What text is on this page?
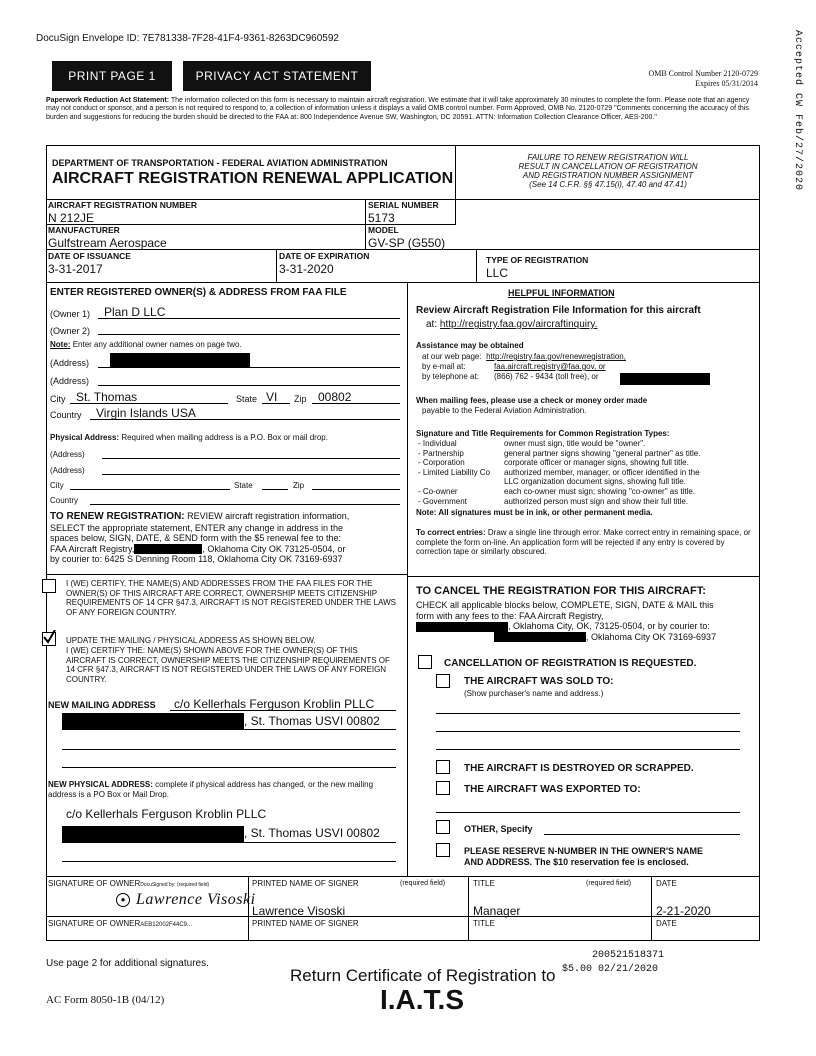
DocuSign Envelope ID: 7E781338-7F28-41F4-9361-8263DC960592	Accepted CW Feb/27/2020
PRINT PAGE 1	PRIVACY ACT STATEMENT	OMB Control Number 2120-0729
Expires 05/31/2014
Paperwork Reduction Act Statement: The information collected on this form is necessary to maintain aircraft registration. We estimate that it will take approximately 30 minutes to complete the form. Please note that an agency may not conduct or sponsor, and a person is not required to respond to, a collection of information unless it displays a valid OMB control number. Form Approved, OMB No. 2120-0729 "Comments concerning the accuracy of this burden and suggestions for reducing the burden should be directed to the FAA at: 800 Independence Avenue SW, Washington, DC 20591. ATTN: Information Collection Clearance Officer, AES-200."
DEPARTMENT OF TRANSPORTATION - FEDERAL AVIATION ADMINISTRATION
AIRCRAFT REGISTRATION RENEWAL APPLICATION
FAILURE TO RENEW REGISTRATION WILL
RESULT IN CANCELLATION OF REGISTRATION
AND REGISTRATION NUMBER ASSIGNMENT
(See 14 C.F.R. §§ 47.15(i), 47.40 and 47.41)
AIRCRAFT REGISTRATION NUMBER
N 212JE
SERIAL NUMBER
5173
MANUFACTURER
Gulfstream Aerospace
MODEL
GV-SP (G550)
DATE OF ISSUANCE
3-31-2017
DATE OF EXPIRATION
3-31-2020
TYPE OF REGISTRATION
LLC
ENTER REGISTERED OWNER(S) & ADDRESS FROM FAA FILE
(Owner 1) Plan D LLC
(Owner 2)
Note: Enter any additional owner names on page two.
(Address)
(Address)
City St. Thomas	State VI Zip 00802
Country Virgin Islands USA
Physical Address: Required when mailing address is a P.O. Box or mail drop.
(Address)
(Address)
City	State	Zip
Country
TO RENEW REGISTRATION: REVIEW aircraft registration information,
SELECT the appropriate statement, ENTER any change in address in the
spaces below, SIGN, DATE, & SEND form with the $5 renewal fee to the:
FAA Aircraft Registry,	, Oklahoma City OK 73125-0504, or
by courier to: 6425 S Denning Room 118, Oklahoma City OK 73169-6937
I (WE) CERTIFY, THE NAME(S) AND ADDRESSES FROM THE FAA FILES FOR THE OWNER(S) OF THIS AIRCRAFT ARE CORRECT, OWNERSHIP MEETS CITIZENSHIP REQUIREMENTS OF 14 CFR §47.3, AIRCRAFT IS NOT REGISTERED UNDER THE LAWS OF ANY FOREIGN COUNTRY.
UPDATE THE MAILING / PHYSICAL ADDRESS AS SHOWN BELOW.
I (WE) CERTIFY THE: NAME(S) SHOWN ABOVE FOR THE OWNER(S) OF THIS AIRCRAFT IS CORRECT, OWNERSHIP MEETS THE CITIZENSHIP REQUIREMENTS OF 14 CFR §47.3, AIRCRAFT IS NOT REGISTERED UNDER THE LAWS OF ANY FOREIGN COUNTRY.
NEW MAILING ADDRESS c/o Kellerhals Ferguson Kroblin PLLC
, St. Thomas USVI 00802
NEW PHYSICAL ADDRESS: complete if physical address has changed, or the new mailing address is a PO Box or Mail Drop.
c/o Kellerhals Ferguson Kroblin PLLC
, St. Thomas USVI 00802
HELPFUL INFORMATION
Review Aircraft Registration File Information for this aircraft
at: http://registry.faa.gov/aircraftinquiry.
Assistance may be obtained
at our web page: http://registry.faa.gov/renewregistration,
by e-mail at:	faa.aircraft.registry@faa.gov, or
by telephone at: (866) 762 - 9434 (toll free), or
When mailing fees, please use a check or money order made
payable to the Federal Aviation Administration.
Signature and Title Requirements for Common Registration Types:
- Individual	owner must sign, title would be "owner".
- Partnership	general partner signs showing "general partner" as title.
- Corporation	corporate officer or manager signs, showing full title.
- Limited Liability Co authorized member, manager, or officer identified in the
LLC organization document signs, showing full title.
- Co-owner	each co-owner must sign; showing "co-owner" as title.
- Government	authorized person must sign and show their full title.
Note: All signatures must be in ink, or other permanent media.
To correct entries: Draw a single line through error. Make correct entry in remaining space, or complete the form on-line. An application form will be rejected if any entry is covered by correction tape or similarly obscured.
TO CANCEL THE REGISTRATION FOR THIS AIRCRAFT:
CHECK all applicable blocks below, COMPLETE, SIGN, DATE & MAIL this
form with any fees to the: FAA Aircraft Registry,
, Oklahoma City, OK, 73125-0504, or by courier to:
, Oklahoma City OK 73169-6937
CANCELLATION OF REGISTRATION IS REQUESTED.
THE AIRCRAFT WAS SOLD TO:
(Show purchaser's name and address.)
THE AIRCRAFT IS DESTROYED OR SCRAPPED.
THE AIRCRAFT WAS EXPORTED TO:
OTHER, Specify
PLEASE RESERVE N-NUMBER IN THE OWNER'S NAME
AND ADDRESS. The $10 reservation fee is enclosed.
SIGNATURE OF OWNERDocuSigned by: (required field)
● Lawrence Visoski
PRINTED NAME OF SIGNER	(required field)
Lawrence Visoski
TITLE	(required field)
Manager
DATE
2-21-2020
SIGNATURE OF OWNERAEB12002F44C9...	PRINTED NAME OF SIGNER	TITLE	DATE
Use page 2 for additional signatures.
200521518371
$5.00 02/21/2020
Return Certificate of Registration to
I.A.T.S
AC Form 8050-1B (04/12)
